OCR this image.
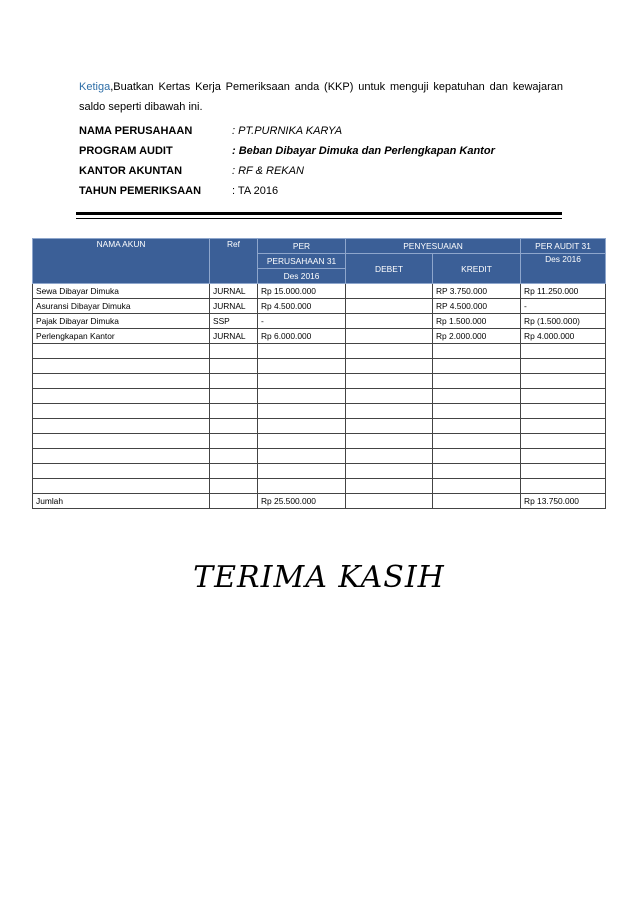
Ketiga,Buatkan Kertas Kerja Pemeriksaan anda (KKP) untuk menguji kepatuhan dan kewajaran saldo seperti dibawah ini.
NAMA PERUSAHAAN	: PT.PURNIKA KARYA
PROGRAM AUDIT	: Beban Dibayar Dimuka dan Perlengkapan Kantor
KANTOR AKUNTAN	: RF & REKAN
TAHUN PEMERIKSAAN	: TA 2016
NAMA AKUN	Ref	PER	PENYESUAIAN		PER AUDIT 31
		PERUSAHAAN 31	DEBET	KREDIT	Des 2016
		Des 2016			
Sewa Dibayar Dimuka	JURNAL	Rp 15.000.000		RP 3.750.000	Rp 11.250.000
Asuransi Dibayar Dimuka	JURNAL	Rp 4.500.000		RP 4.500.000	-
Pajak Dibayar Dimuka	SSP	-		Rp 1.500.000	Rp (1.500.000)
Perlengkapan Kantor	JURNAL	Rp 6.000.000		Rp 2.000.000	Rp 4.000.000

Jumlah		Rp 25.500.000			Rp 13.750.000
TERIMA KASIH
